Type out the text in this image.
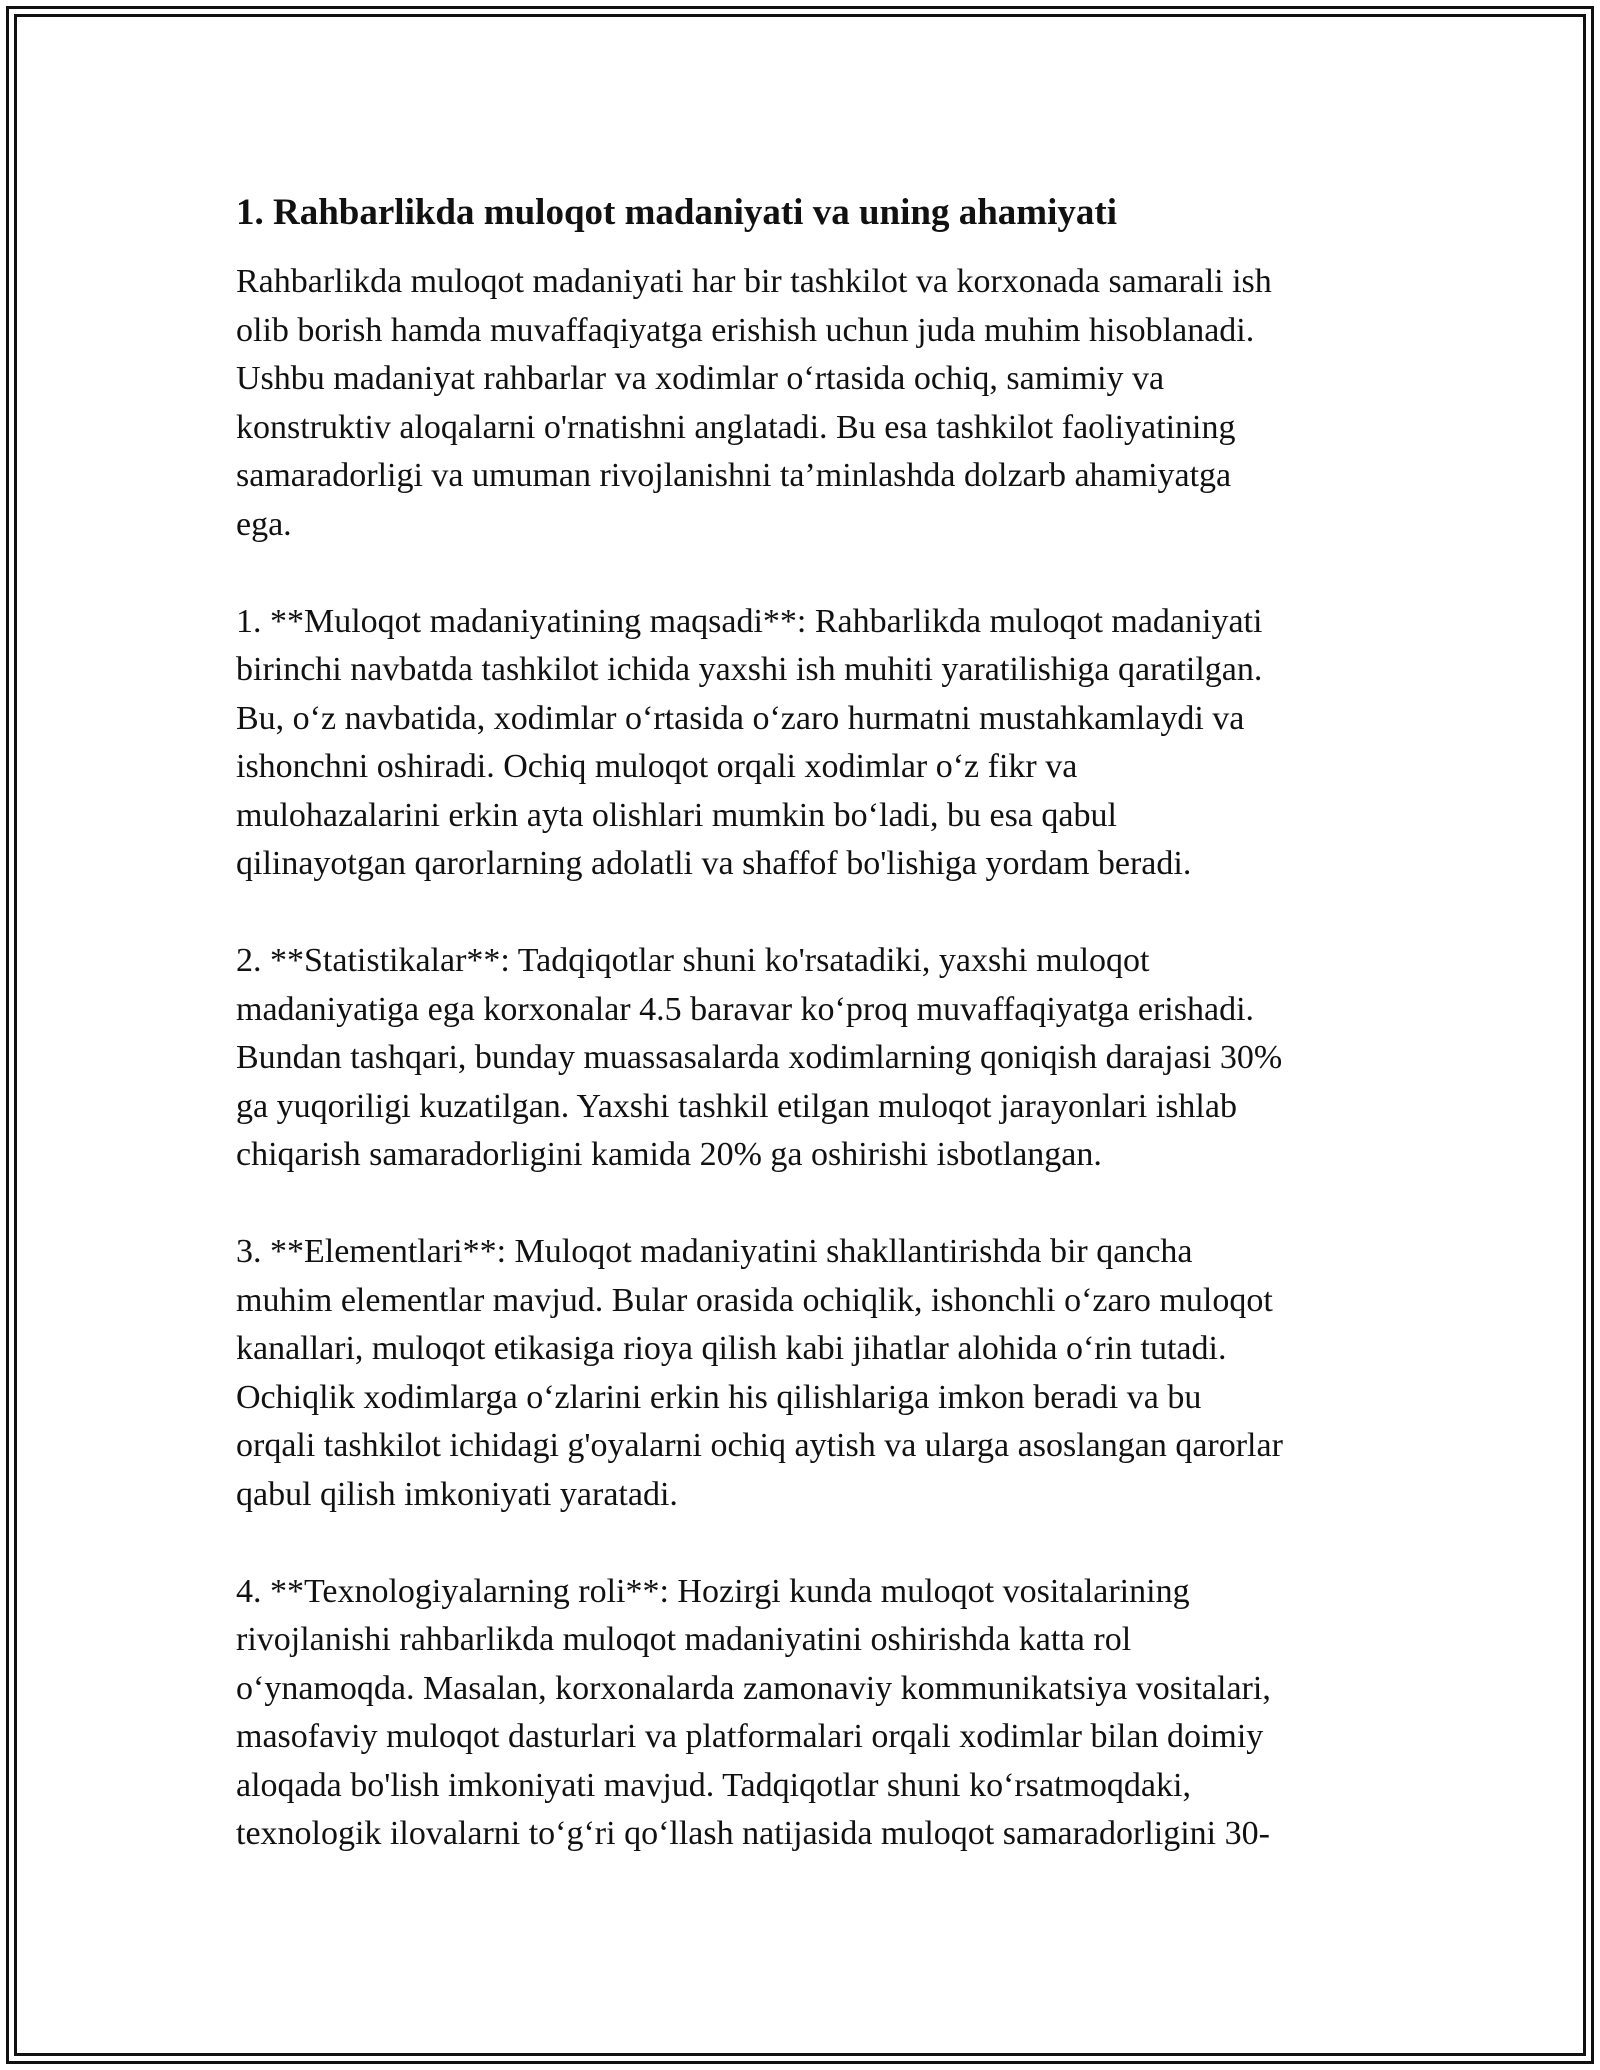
1. Rahbarlikda muloqot madaniyati va uning ahamiyati

Rahbarlikda muloqot madaniyati har bir tashkilot va korxonada samarali ish
olib borish hamda muvaffaqiyatga erishish uchun juda muhim hisoblanadi.
Ushbu madaniyat rahbarlar va xodimlar o‘rtasida ochiq, samimiy va
konstruktiv aloqalarni o'rnatishni anglatadi. Bu esa tashkilot faoliyatining
samaradorligi va umuman rivojlanishni ta’minlashda dolzarb ahamiyatga
ega.

1. **Muloqot madaniyatining maqsadi**: Rahbarlikda muloqot madaniyati
birinchi navbatda tashkilot ichida yaxshi ish muhiti yaratilishiga qaratilgan.
Bu, o‘z navbatida, xodimlar o‘rtasida o‘zaro hurmatni mustahkamlaydi va
ishonchni oshiradi. Ochiq muloqot orqali xodimlar o‘z fikr va
mulohazalarini erkin ayta olishlari mumkin bo‘ladi, bu esa qabul
qilinayotgan qarorlarning adolatli va shaffof bo'lishiga yordam beradi.

2. **Statistikalar**: Tadqiqotlar shuni ko'rsatadiki, yaxshi muloqot
madaniyatiga ega korxonalar 4.5 baravar ko‘proq muvaffaqiyatga erishadi.
Bundan tashqari, bunday muassasalarda xodimlarning qoniqish darajasi 30%
ga yuqoriligi kuzatilgan. Yaxshi tashkil etilgan muloqot jarayonlari ishlab
chiqarish samaradorligini kamida 20% ga oshirishi isbotlangan.

3. **Elementlari**: Muloqot madaniyatini shakllantirishda bir qancha
muhim elementlar mavjud. Bular orasida ochiqlik, ishonchli o‘zaro muloqot
kanallari, muloqot etikasiga rioya qilish kabi jihatlar alohida o‘rin tutadi.
Ochiqlik xodimlarga o‘zlarini erkin his qilishlariga imkon beradi va bu
orqali tashkilot ichidagi g'oyalarni ochiq aytish va ularga asoslangan qarorlar
qabul qilish imkoniyati yaratadi.

4. **Texnologiyalarning roli**: Hozirgi kunda muloqot vositalarining
rivojlanishi rahbarlikda muloqot madaniyatini oshirishda katta rol
o‘ynamoqda. Masalan, korxonalarda zamonaviy kommunikatsiya vositalari,
masofaviy muloqot dasturlari va platformalari orqali xodimlar bilan doimiy
aloqada bo'lish imkoniyati mavjud. Tadqiqotlar shuni ko‘rsatmoqdaki,
texnologik ilovalarni to‘g‘ri qo‘llash natijasida muloqot samaradorligini 30-
